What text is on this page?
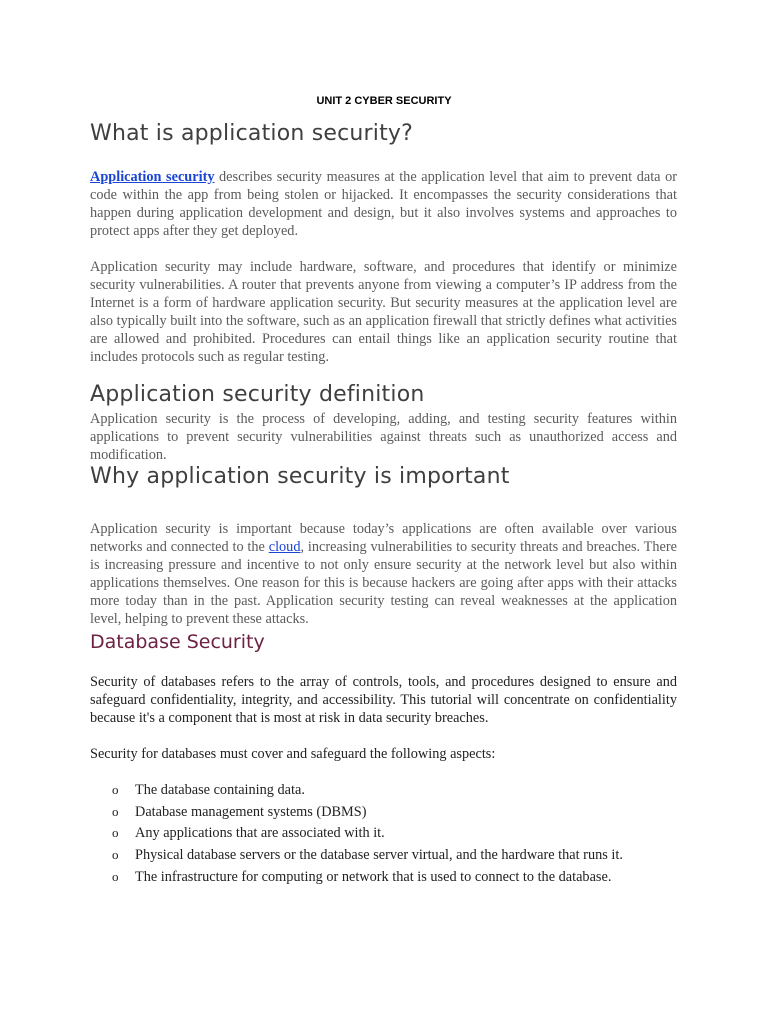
UNIT 2 CYBER SECURITY
What is application security?

Application security describes security measures at the application level that aim to prevent data or code within the app from being stolen or hijacked. It encompasses the security considerations that happen during application development and design, but it also involves systems and approaches to protect apps after they get deployed.

Application security may include hardware, software, and procedures that identify or minimize security vulnerabilities. A router that prevents anyone from viewing a computer’s IP address from the Internet is a form of hardware application security. But security measures at the application level are also typically built into the software, such as an application firewall that strictly defines what activities are allowed and prohibited. Procedures can entail things like an application security routine that includes protocols such as regular testing.

Application security definition

Application security is the process of developing, adding, and testing security features within applications to prevent security vulnerabilities against threats such as unauthorized access and modification.

Why application security is important

Application security is important because today’s applications are often available over various networks and connected to the cloud, increasing vulnerabilities to security threats and breaches. There is increasing pressure and incentive to not only ensure security at the network level but also within applications themselves. One reason for this is because hackers are going after apps with their attacks more today than in the past. Application security testing can reveal weaknesses at the application level, helping to prevent these attacks.

Database Security

Security of databases refers to the array of controls, tools, and procedures designed to ensure and safeguard confidentiality, integrity, and accessibility. This tutorial will concentrate on confidentiality because it's a component that is most at risk in data security breaches.

Security for databases must cover and safeguard the following aspects:

o The database containing data.
o Database management systems (DBMS)
o Any applications that are associated with it.
o Physical database servers or the database server virtual, and the hardware that runs it.
o The infrastructure for computing or network that is used to connect to the database.
